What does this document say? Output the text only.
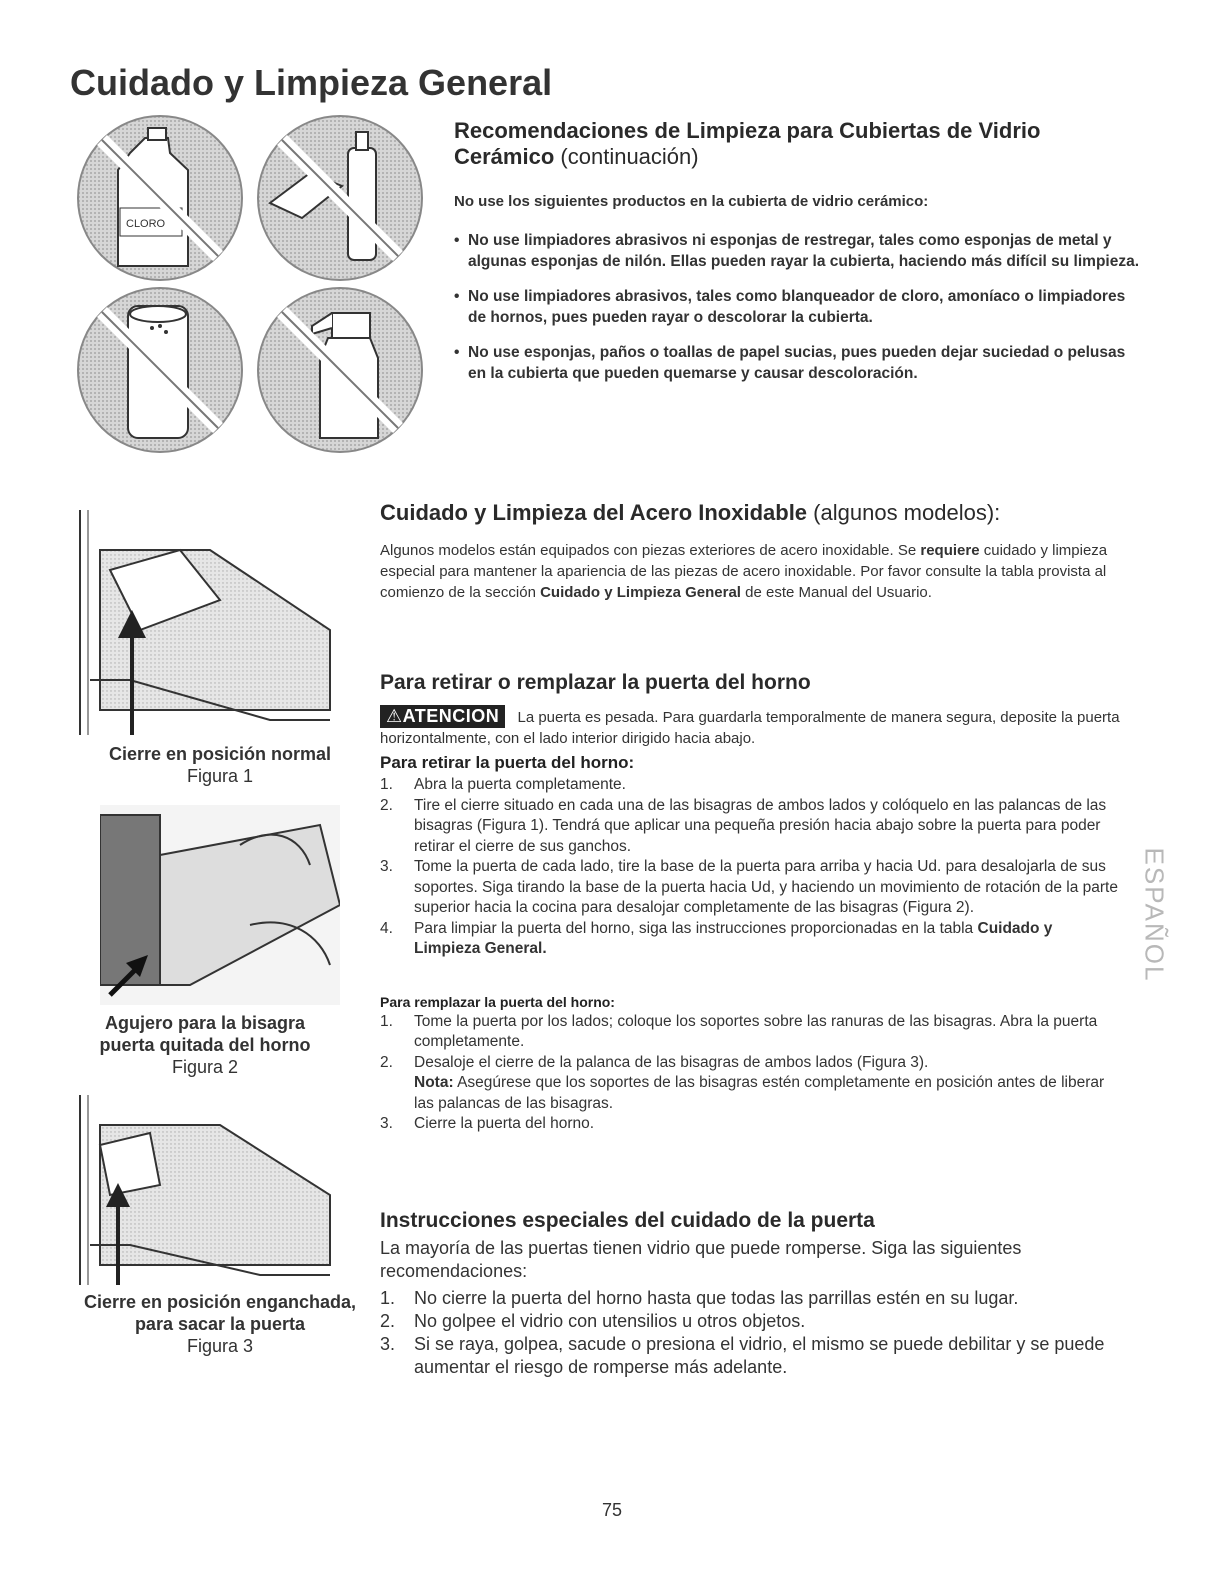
Cuidado y Limpieza General
CLORO
Recomendaciones de Limpieza para Cubiertas de Vidrio Cerámico (continuación)
No use los siguientes productos en la cubierta de vidrio cerámico:
• No use limpiadores abrasivos ni esponjas de restregar, tales como esponjas de metal y algunas esponjas de nilón. Ellas pueden rayar la cubierta, haciendo más difícil su limpieza.
• No use limpiadores abrasivos, tales como blanqueador de cloro, amoníaco o limpiadores de hornos, pues pueden rayar o descolorar la cubierta.
• No use esponjas, paños o toallas de papel sucias, pues pueden dejar suciedad o pelusas en la cubierta que pueden quemarse y causar descoloración.
Cierre en posición normal
Figura 1
Agujero para la bisagra
puerta quitada del horno
Figura 2
Cierre en posición enganchada,
para sacar la puerta
Figura 3
Cuidado y Limpieza del Acero Inoxidable (algunos modelos):

Algunos modelos están equipados con piezas exteriores de acero inoxidable. Se requiere cuidado y limpieza especial para mantener la apariencia de las piezas de acero inoxidable. Por favor consulte la tabla provista al comienzo de la sección Cuidado y Limpieza General de este Manual del Usuario.

Para retirar o remplazar la puerta del horno
⚠ATENCION La puerta es pesada. Para guardarla temporalmente de manera segura, deposite la puerta horizontalmente, con el lado interior dirigido hacia abajo.
Para retirar la puerta del horno:
1. Abra la puerta completamente.
2. Tire el cierre situado en cada una de las bisagras de ambos lados y colóquelo en las palancas de las bisagras (Figura 1). Tendrá que aplicar una pequeña presión hacia abajo sobre la puerta para poder retirar el cierre de sus ganchos.
3. Tome la puerta de cada lado, tire la base de la puerta para arriba y hacia Ud. para desalojarla de sus soportes. Siga tirando la base de la puerta hacia Ud, y haciendo un movimiento de rotación de la parte superior hacia la cocina para desalojar completamente de las bisagras (Figura 2).
4. Para limpiar la puerta del horno, siga las instrucciones proporcionadas en la tabla Cuidado y Limpieza General.
Para remplazar la puerta del horno:
1. Tome la puerta por los lados; coloque los soportes sobre las ranuras de las bisagras. Abra la puerta completamente.
2. Desaloje el cierre de la palanca de las bisagras de ambos lados (Figura 3).
Nota: Asegúrese que los soportes de las bisagras estén completamente en posición antes de liberar las palancas de las bisagras.
3. Cierre la puerta del horno.
Instrucciones especiales del cuidado de la puerta
La mayoría de las puertas tienen vidrio que puede romperse. Siga las siguientes recomendaciones:
1. No cierre la puerta del horno hasta que todas las parrillas estén en su lugar.
2. No golpee el vidrio con utensilios u otros objetos.
3. Si se raya, golpea, sacude o presiona el vidrio, el mismo se puede debilitar y se puede aumentar el riesgo de romperse más adelante.
ESPAÑOL
75
